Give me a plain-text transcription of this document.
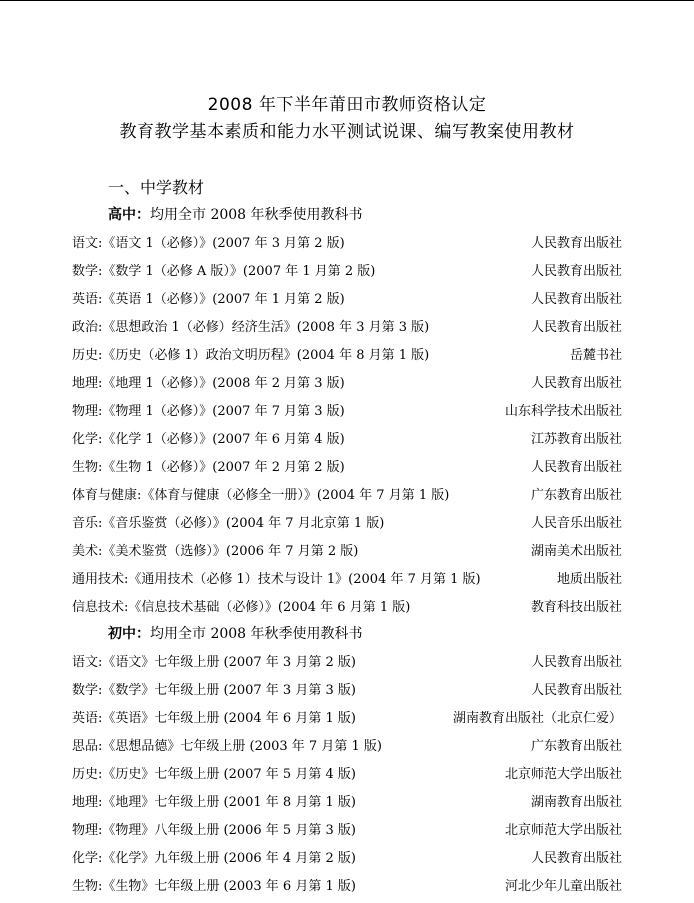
2008 年下半年莆田市教师资格认定
教育教学基本素质和能力水平测试说课、编写教案使用教材
一、中学教材
高中：均用全市 2008 年秋季使用教科书
语文:《语文 1（必修）》(2007 年 3 月第 2 版)	人民教育出版社
数学:《数学 1（必修 A 版）》(2007 年 1 月第 2 版)	人民教育出版社
英语:《英语 1（必修）》(2007 年 1 月第 2 版)	人民教育出版社
政治:《思想政治 1（必修）经济生活》(2008 年 3 月第 3 版)	人民教育出版社
历史:《历史（必修 1）政治文明历程》(2004 年 8 月第 1 版)	岳麓书社
地理:《地理 1（必修）》(2008 年 2 月第 3 版)	人民教育出版社
物理:《物理 1（必修）》(2007 年 7 月第 3 版)	山东科学技术出版社
化学:《化学 1（必修）》(2007 年 6 月第 4 版)	江苏教育出版社
生物:《生物 1（必修）》(2007 年 2 月第 2 版)	人民教育出版社
体育与健康:《体育与健康（必修全一册）》(2004 年 7 月第 1 版)	广东教育出版社
音乐:《音乐鉴赏（必修）》(2004 年 7 月北京第 1 版)	人民音乐出版社
美术:《美术鉴赏（选修）》(2006 年 7 月第 2 版)	湖南美术出版社
通用技术:《通用技术（必修 1）技术与设计 1》(2004 年 7 月第 1 版)	地质出版社
信息技术:《信息技术基础（必修）》(2004 年 6 月第 1 版)	教育科技出版社
初中：均用全市 2008 年秋季使用教科书
语文:《语文》七年级上册 (2007 年 3 月第 2 版)	人民教育出版社
数学:《数学》七年级上册 (2007 年 3 月第 3 版)	人民教育出版社
英语:《英语》七年级上册 (2004 年 6 月第 1 版)	湖南教育出版社（北京仁爱）
思品:《思想品德》七年级上册 (2003 年 7 月第 1 版)	广东教育出版社
历史:《历史》七年级上册 (2007 年 5 月第 4 版)	北京师范大学出版社
地理:《地理》七年级上册 (2001 年 8 月第 1 版)	湖南教育出版社
物理:《物理》八年级上册 (2006 年 5 月第 3 版)	北京师范大学出版社
化学:《化学》九年级上册 (2006 年 4 月第 2 版)	人民教育出版社
生物:《生物》七年级上册 (2003 年 6 月第 1 版)	河北少年儿童出版社
